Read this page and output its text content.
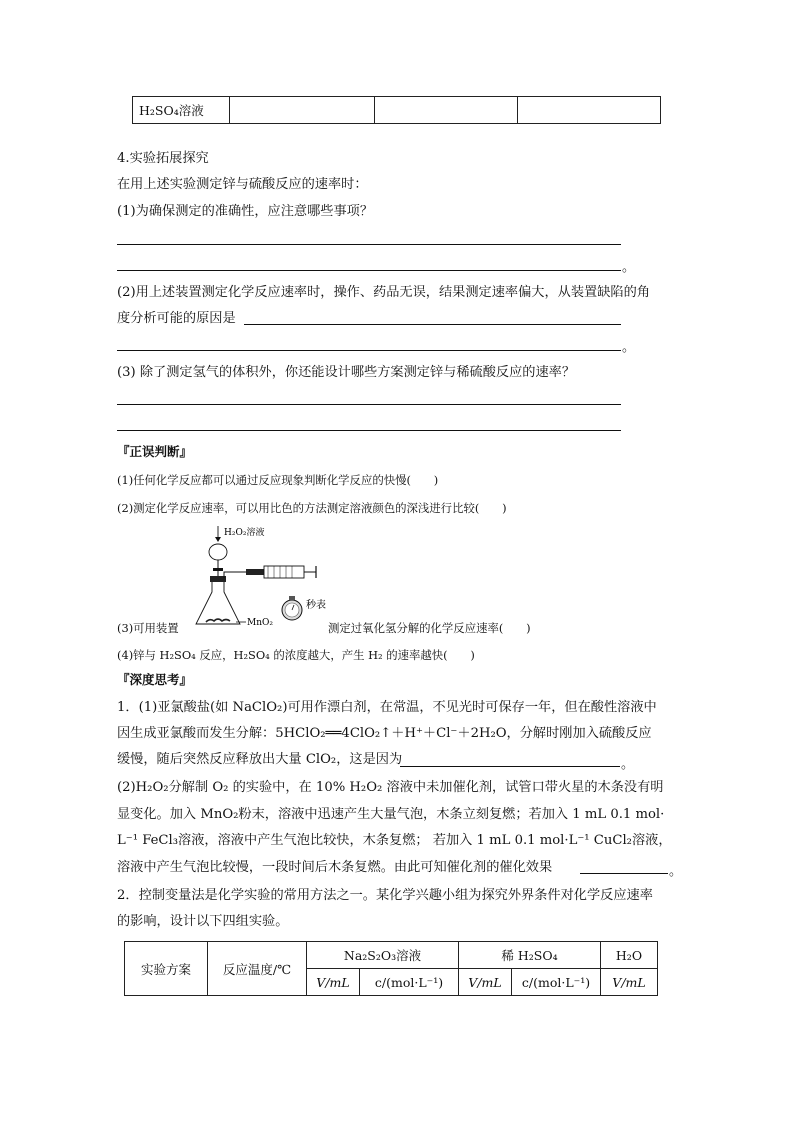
H₂SO₄溶液			
4.实验拓展探究
在用上述实验测定锌与硫酸反应的速率时：
(1)为确保测定的准确性，应注意哪些事项？
。
(2)用上述装置测定化学反应速率时，操作、药品无误，结果测定速率偏大，从装置缺陷的角
度分析可能的原因是
。
(3) 除了测定氢气的体积外，你还能设计哪些方案测定锌与稀硫酸反应的速率？
『正误判断』
(1)任何化学反应都可以通过反应现象判断化学反应的快慢(　　)
(2)测定化学反应速率，可以用比色的方法测定溶液颜色的深浅进行比较(　　)
H₂O₂溶液
MnO₂
秒表
(3)可用装置	测定过氧化氢分解的化学反应速率(　　)
(4)锌与 H₂SO₄ 反应，H₂SO₄ 的浓度越大，产生 H₂ 的速率越快(　　)
『深度思考』
1．(1)亚氯酸盐(如 NaClO₂)可用作漂白剂，在常温，不见光时可保存一年，但在酸性溶液中
因生成亚氯酸而发生分解：5HClO₂══4ClO₂↑＋H⁺＋Cl⁻＋2H₂O，分解时刚加入硫酸反应
缓慢，随后突然反应释放出大量 ClO₂，这是因为	。
(2)H₂O₂分解制 O₂ 的实验中，在 10% H₂O₂ 溶液中未加催化剂，试管口带火星的木条没有明
显变化。加入 MnO₂粉末，溶液中迅速产生大量气泡，木条立刻复燃；若加入 1 mL 0.1 mol·
L⁻¹ FeCl₃溶液，溶液中产生气泡比较快，木条复燃； 若加入 1 mL 0.1 mol·L⁻¹ CuCl₂溶液，
溶液中产生气泡比较慢，一段时间后木条复燃。由此可知催化剂的催化效果	。
2．控制变量法是化学实验的常用方法之一。某化学兴趣小组为探究外界条件对化学反应速率
的影响，设计以下四组实验。
实验方案	反应温度/℃	Na₂S₂O₃溶液		稀 H₂SO₄		H₂O
		V/mL	c/(mol·L⁻¹)	V/mL	c/(mol·L⁻¹)	V/mL
